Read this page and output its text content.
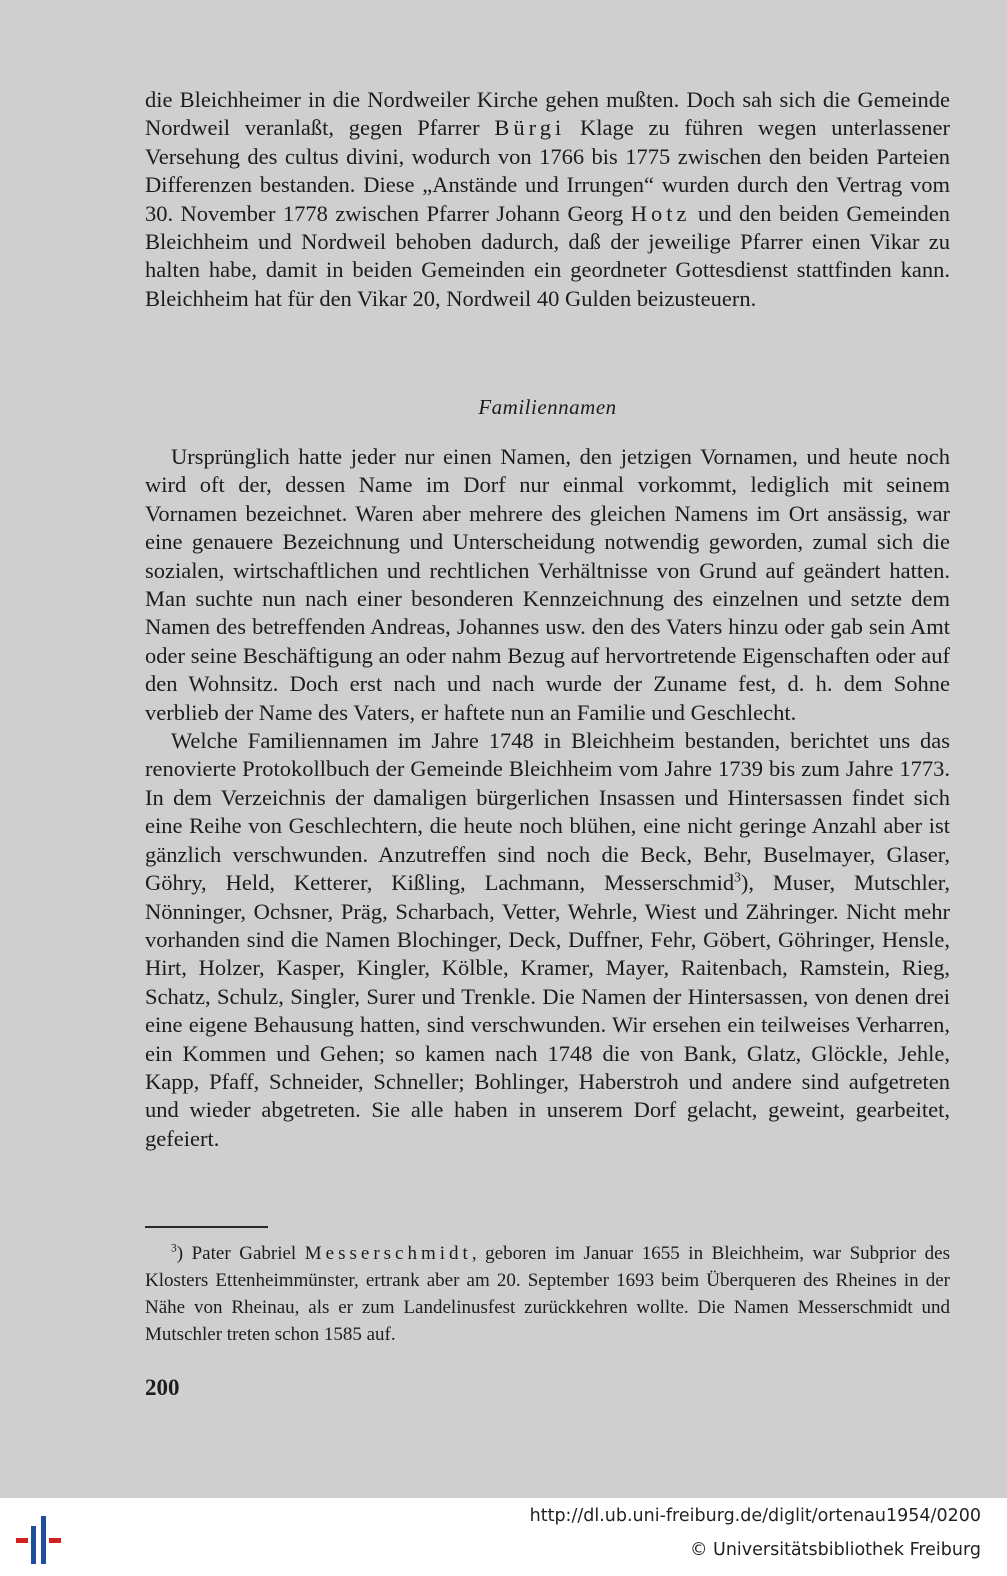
die Bleichheimer in die Nordweiler Kirche gehen mußten. Doch sah sich die Gemeinde Nordweil veranlaßt, gegen Pfarrer Bürgi Klage zu führen wegen unterlassener Versehung des cultus divini, wodurch von 1766 bis 1775 zwischen den beiden Parteien Differenzen bestanden. Diese „Anstände und Irrungen“ wurden durch den Vertrag vom 30. November 1778 zwischen Pfarrer Johann Georg Hotz und den beiden Gemeinden Bleichheim und Nordweil behoben dadurch, daß der jeweilige Pfarrer einen Vikar zu halten habe, damit in beiden Gemeinden ein geordneter Gottesdienst stattfinden kann. Bleichheim hat für den Vikar 20, Nordweil 40 Gulden beizusteuern.

Familiennamen

Ursprünglich hatte jeder nur einen Namen, den jetzigen Vornamen, und heute noch wird oft der, dessen Name im Dorf nur einmal vorkommt, lediglich mit seinem Vornamen bezeichnet. Waren aber mehrere des gleichen Namens im Ort ansässig, war eine genauere Bezeichnung und Unterscheidung notwendig geworden, zumal sich die sozialen, wirtschaftlichen und rechtlichen Verhältnisse von Grund auf geändert hatten. Man suchte nun nach einer besonderen Kennzeichnung des einzelnen und setzte dem Namen des betreffenden Andreas, Johannes usw. den des Vaters hinzu oder gab sein Amt oder seine Beschäftigung an oder nahm Bezug auf hervortretende Eigenschaften oder auf den Wohnsitz. Doch erst nach und nach wurde der Zuname fest, d. h. dem Sohne verblieb der Name des Vaters, er haftete nun an Familie und Geschlecht.

Welche Familiennamen im Jahre 1748 in Bleichheim bestanden, berichtet uns das renovierte Protokollbuch der Gemeinde Bleichheim vom Jahre 1739 bis zum Jahre 1773. In dem Verzeichnis der damaligen bürgerlichen Insassen und Hintersassen findet sich eine Reihe von Geschlechtern, die heute noch blühen, eine nicht geringe Anzahl aber ist gänzlich verschwunden. Anzutreffen sind noch die Beck, Behr, Buselmayer, Glaser, Göhry, Held, Ketterer, Kißling, Lachmann, Messerschmid$^3$), Muser, Mutschler, Nönninger, Ochsner, Präg, Scharbach, Vetter, Wehrle, Wiest und Zähringer. Nicht mehr vorhanden sind die Namen Blochinger, Deck, Duffner, Fehr, Göbert, Göhringer, Hensle, Hirt, Holzer, Kasper, Kingler, Kölble, Kramer, Mayer, Raitenbach, Ramstein, Rieg, Schatz, Schulz, Singler, Surer und Trenkle. Die Namen der Hintersassen, von denen drei eine eigene Behausung hatten, sind verschwunden. Wir ersehen ein teilweises Verharren, ein Kommen und Gehen; so kamen nach 1748 die von Bank, Glatz, Glöckle, Jehle, Kapp, Pfaff, Schneider, Schneller; Bohlinger, Haberstroh und andere sind aufgetreten und wieder abgetreten. Sie alle haben in unserem Dorf gelacht, geweint, gearbeitet, gefeiert.

$^3$) Pater Gabriel Messerschmidt, geboren im Januar 1655 in Bleichheim, war Subprior des Klosters Ettenheimmünster, ertrank aber am 20. September 1693 beim Überqueren des Rheines in der Nähe von Rheinau, als er zum Landelinusfest zurückkehren wollte. Die Namen Messerschmidt und Mutschler treten schon 1585 auf.

200
http://dl.ub.uni-freiburg.de/diglit/ortenau1954/0200
© Universitätsbibliothek Freiburg
